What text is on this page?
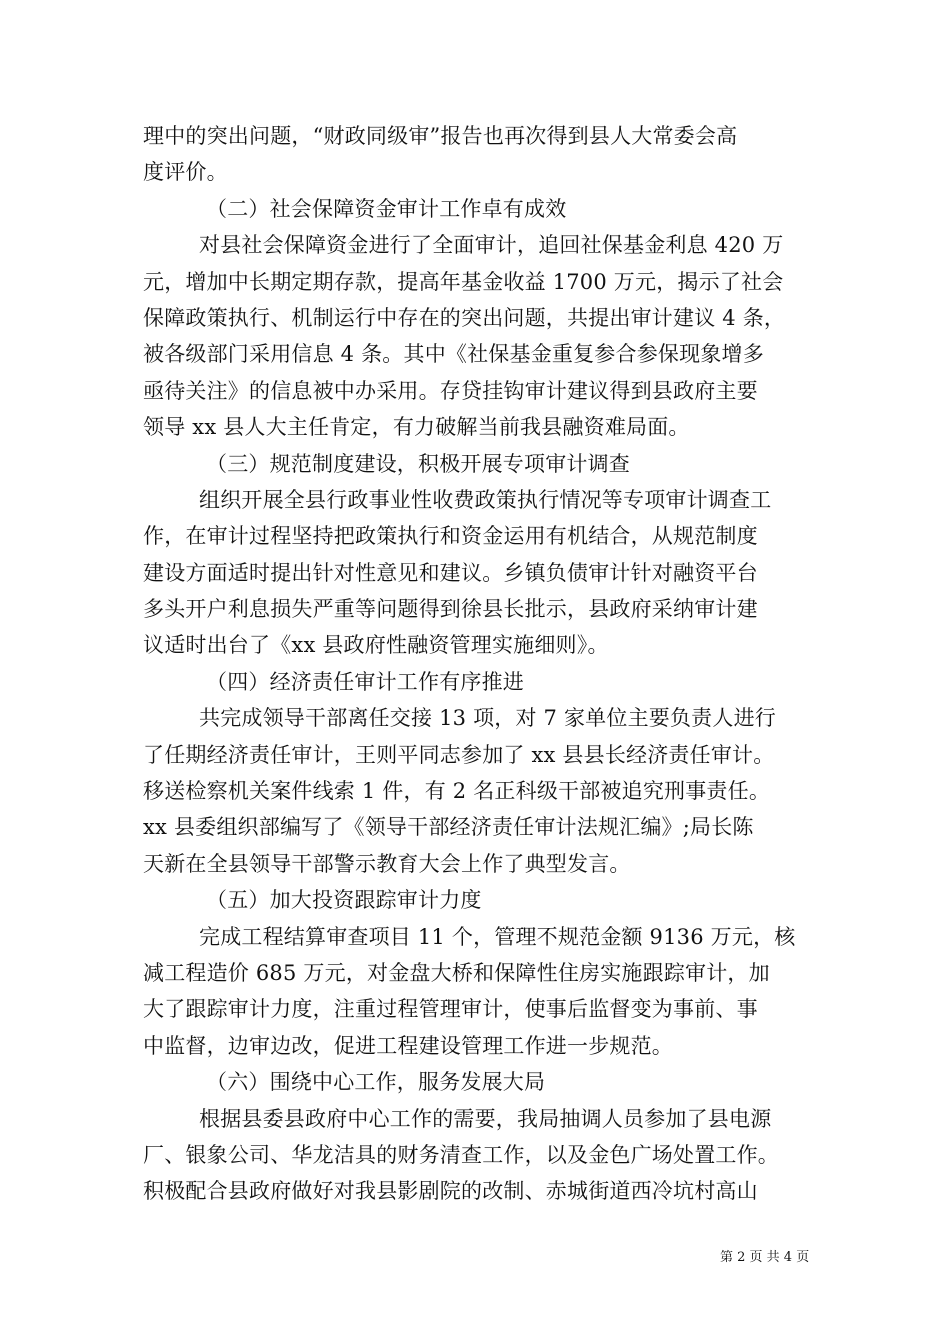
理中的突出问题，“财政同级审”报告也再次得到县人大常委会高
度评价。
（二）社会保障资金审计工作卓有成效
对县社会保障资金进行了全面审计，追回社保基金利息 420 万
元，增加中长期定期存款，提高年基金收益 1700 万元，揭示了社会
保障政策执行、机制运行中存在的突出问题，共提出审计建议 4 条，
被各级部门采用信息 4 条。其中《社保基金重复参合参保现象增多
亟待关注》的信息被中办采用。存贷挂钩审计建议得到县政府主要
领导 xx 县人大主任肯定，有力破解当前我县融资难局面。
（三）规范制度建设，积极开展专项审计调查
组织开展全县行政事业性收费政策执行情况等专项审计调查工
作，在审计过程坚持把政策执行和资金运用有机结合，从规范制度
建设方面适时提出针对性意见和建议。乡镇负债审计针对融资平台
多头开户利息损失严重等问题得到徐县长批示，县政府采纳审计建
议适时出台了《xx 县政府性融资管理实施细则》。
（四）经济责任审计工作有序推进
共完成领导干部离任交接 13 项，对 7 家单位主要负责人进行
了任期经济责任审计，王则平同志参加了 xx 县县长经济责任审计。
移送检察机关案件线索 1 件，有 2 名正科级干部被追究刑事责任。
xx 县委组织部编写了《领导干部经济责任审计法规汇编》;局长陈
天新在全县领导干部警示教育大会上作了典型发言。
（五）加大投资跟踪审计力度
完成工程结算审查项目 11 个，管理不规范金额 9136 万元，核
减工程造价 685 万元，对金盘大桥和保障性住房实施跟踪审计，加
大了跟踪审计力度，注重过程管理审计，使事后监督变为事前、事
中监督，边审边改，促进工程建设管理工作进一步规范。
（六）围绕中心工作，服务发展大局
根据县委县政府中心工作的需要，我局抽调人员参加了县电源
厂、银象公司、华龙洁具的财务清查工作，以及金色广场处置工作。
积极配合县政府做好对我县影剧院的改制、赤城街道西冷坑村高山
第 2 页 共 4 页
